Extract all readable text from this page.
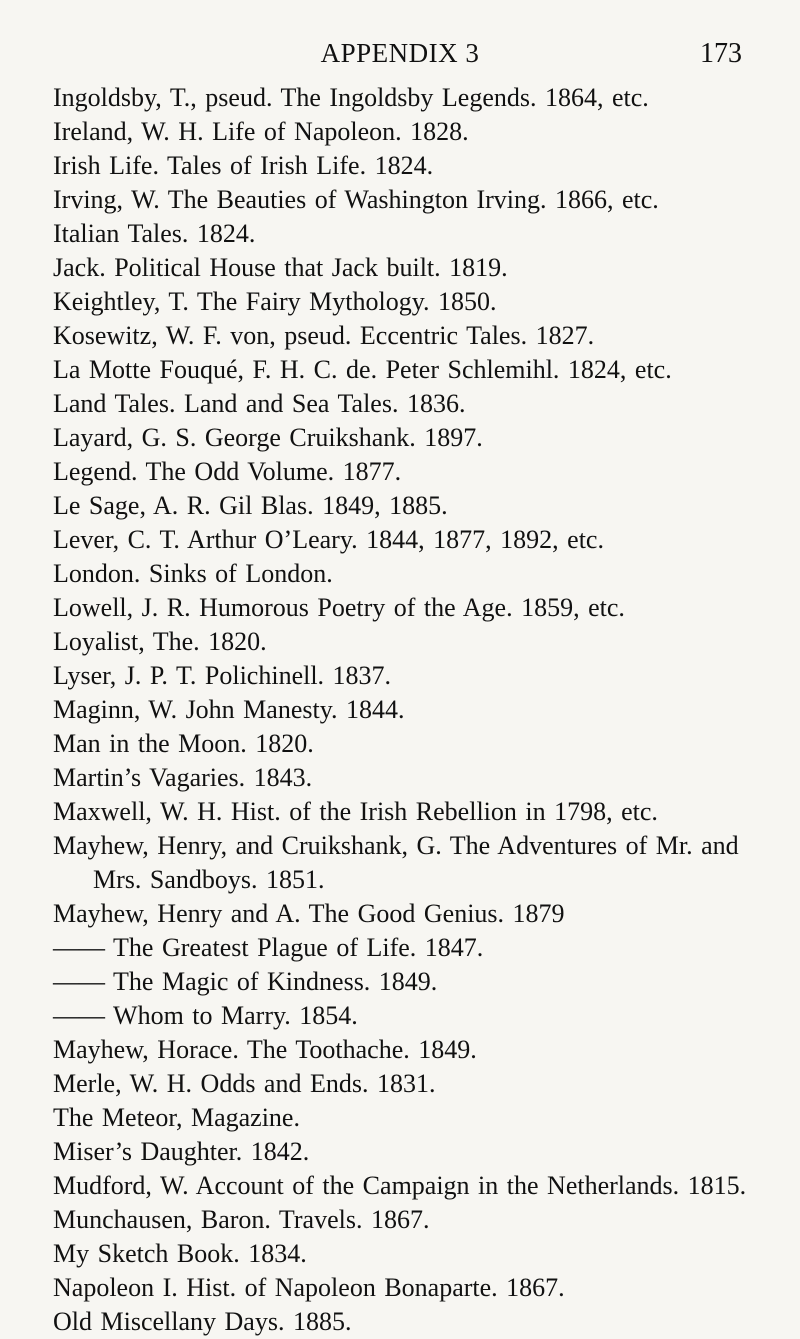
APPENDIX 3	173
Ingoldsby, T., pseud. The Ingoldsby Legends. 1864, etc.
Ireland, W. H. Life of Napoleon. 1828.
Irish Life. Tales of Irish Life. 1824.
Irving, W. The Beauties of Washington Irving. 1866, etc.
Italian Tales. 1824.
Jack. Political House that Jack built. 1819.
Keightley, T. The Fairy Mythology. 1850.
Kosewitz, W. F. von, pseud. Eccentric Tales. 1827.
La Motte Fouqué, F. H. C. de. Peter Schlemihl. 1824, etc.
Land Tales. Land and Sea Tales. 1836.
Layard, G. S. George Cruikshank. 1897.
Legend. The Odd Volume. 1877.
Le Sage, A. R. Gil Blas. 1849, 1885.
Lever, C. T. Arthur O’Leary. 1844, 1877, 1892, etc.
London. Sinks of London.
Lowell, J. R. Humorous Poetry of the Age. 1859, etc.
Loyalist, The. 1820.
Lyser, J. P. T. Polichinell. 1837.
Maginn, W. John Manesty. 1844.
Man in the Moon. 1820.
Martin’s Vagaries. 1843.
Maxwell, W. H. Hist. of the Irish Rebellion in 1798, etc.
Mayhew, Henry, and Cruikshank, G. The Adventures of Mr. and Mrs. Sandboys. 1851.
Mayhew, Henry and A. The Good Genius. 1879
—— The Greatest Plague of Life. 1847.
—— The Magic of Kindness. 1849.
—— Whom to Marry. 1854.
Mayhew, Horace. The Toothache. 1849.
Merle, W. H. Odds and Ends. 1831.
The Meteor, Magazine.
Miser’s Daughter. 1842.
Mudford, W. Account of the Campaign in the Netherlands. 1815.
Munchausen, Baron. Travels. 1867.
My Sketch Book. 1834.
Napoleon I. Hist. of Napoleon Bonaparte. 1867.
Old Miscellany Days. 1885.
